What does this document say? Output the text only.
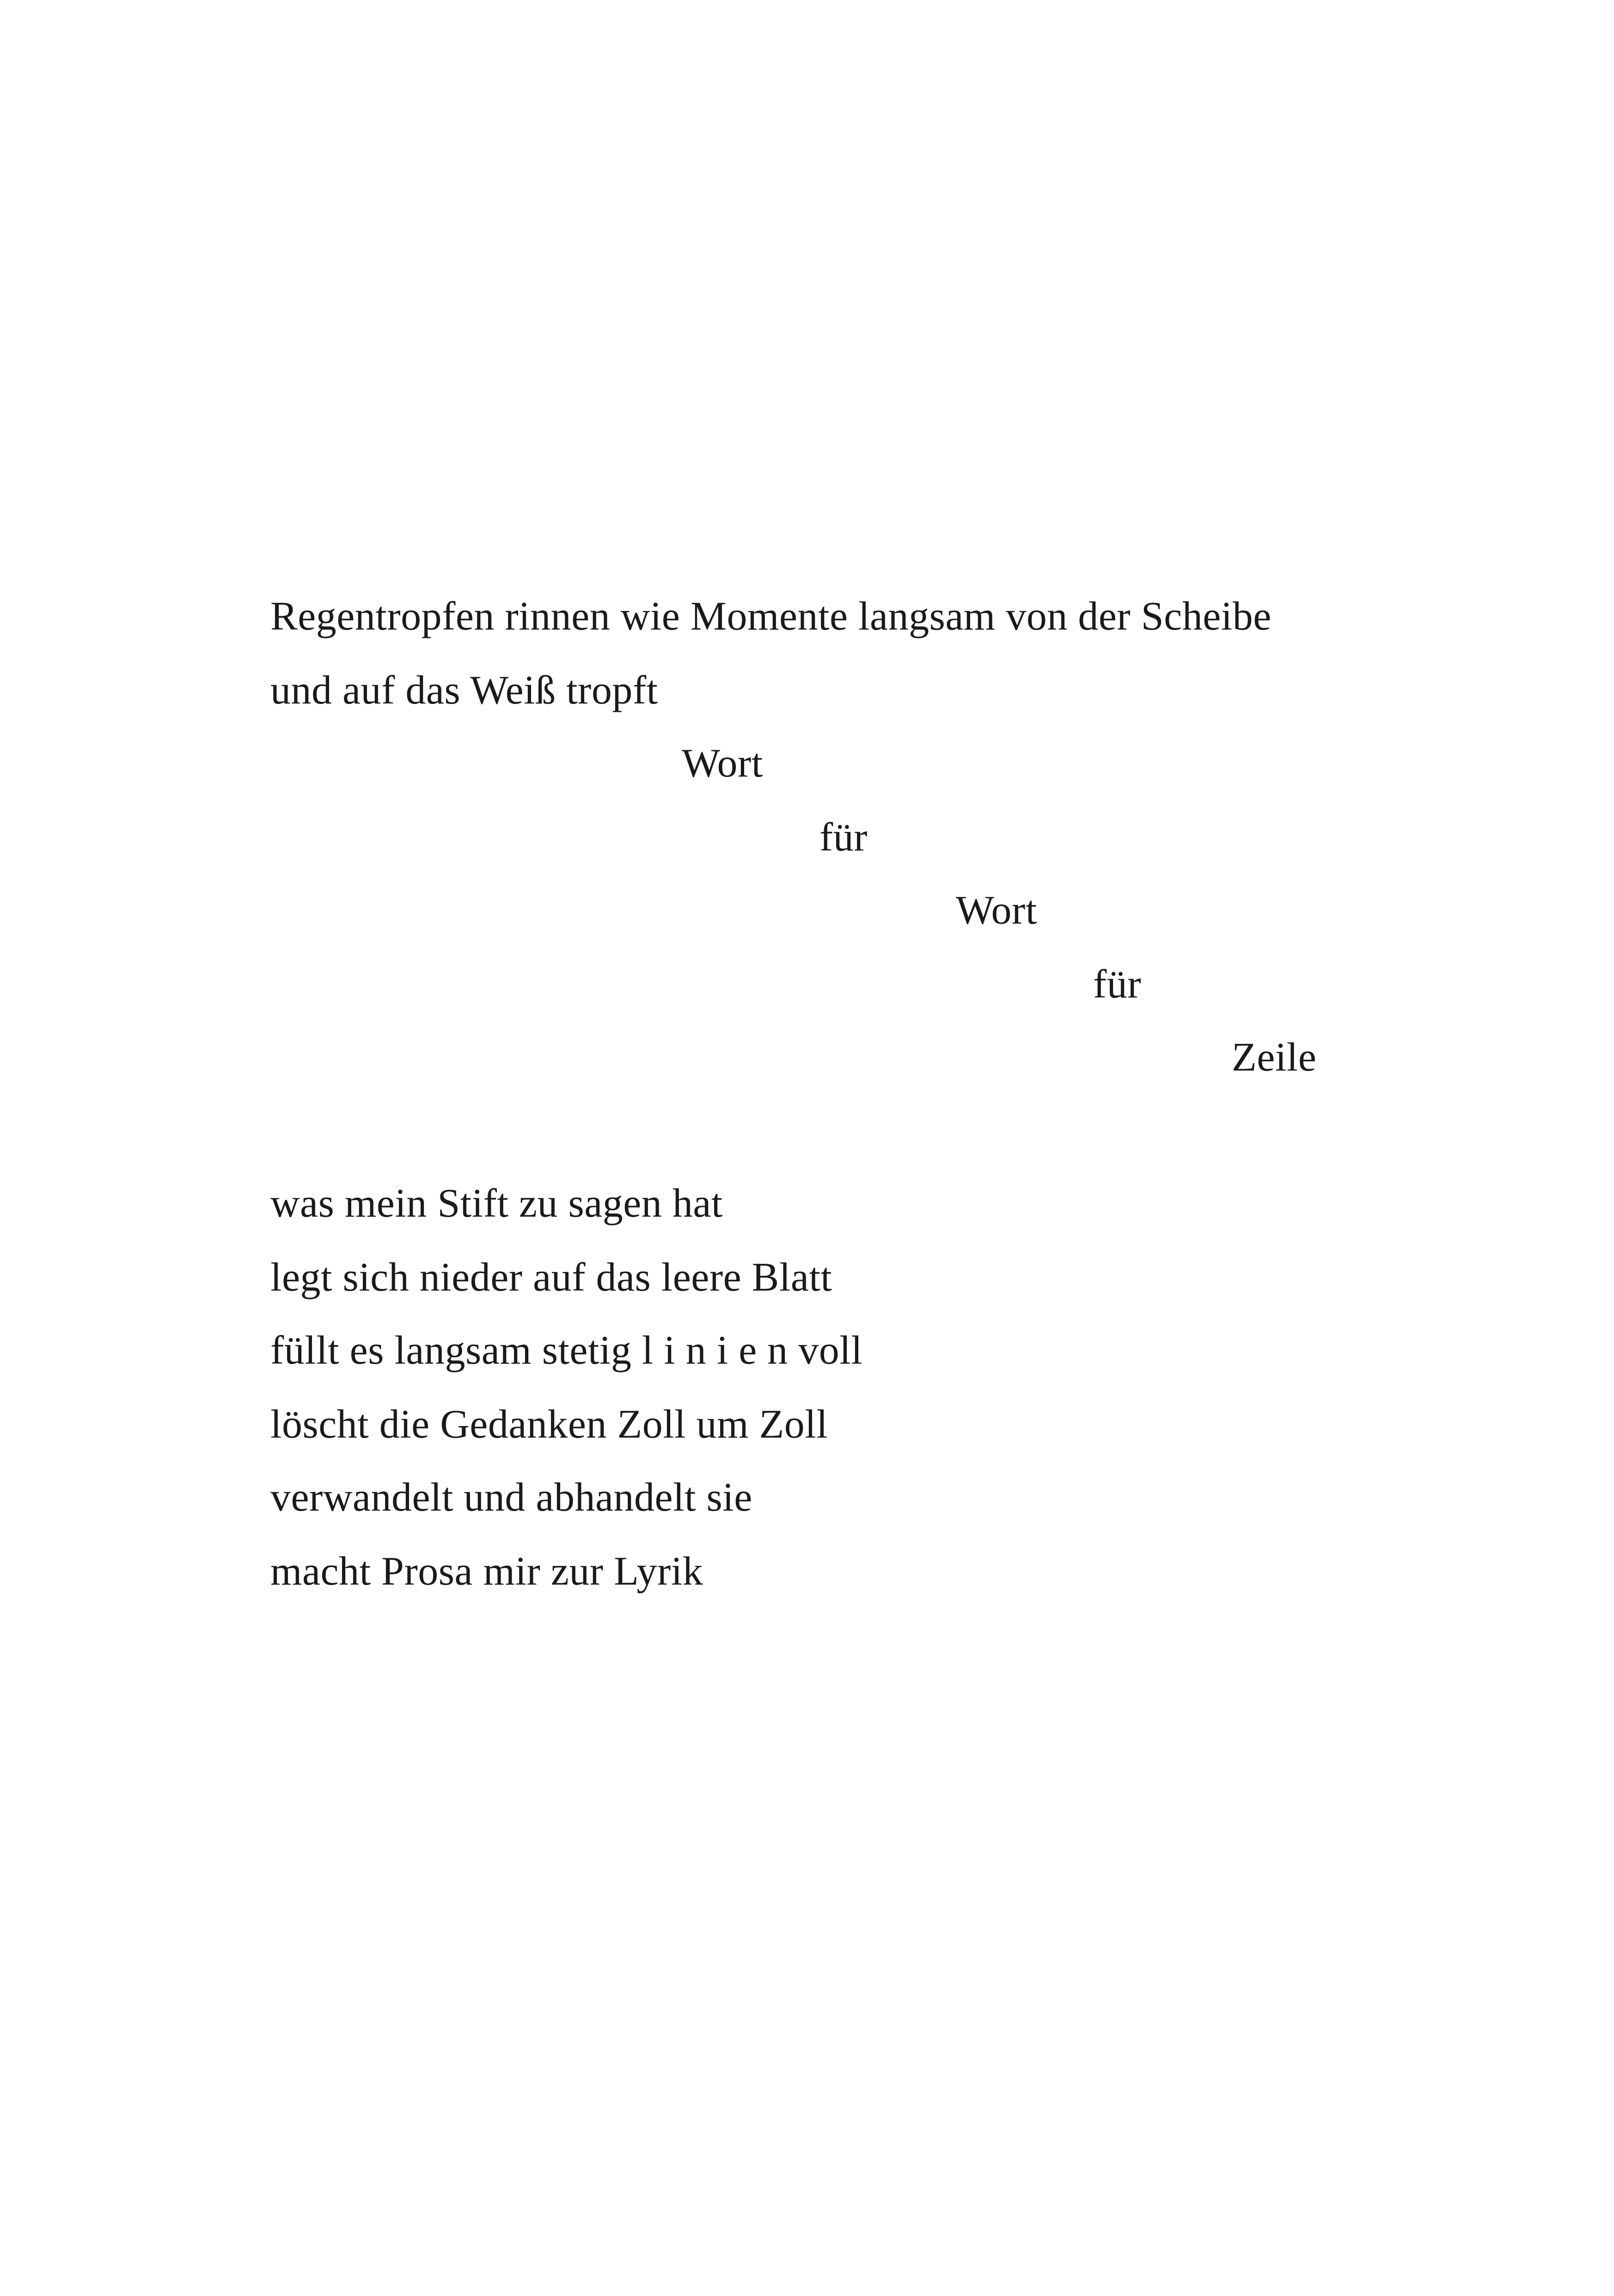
Regentropfen rinnen wie Momente langsam von der Scheibe
und auf das Weiß tropft
Wort
für
Wort
für
Zeile
was mein Stift zu sagen hat
legt sich nieder auf das leere Blatt
füllt es langsam stetig l i n i e n voll
löscht die Gedanken Zoll um Zoll
verwandelt und abhandelt sie
macht Prosa mir zur Lyrik
